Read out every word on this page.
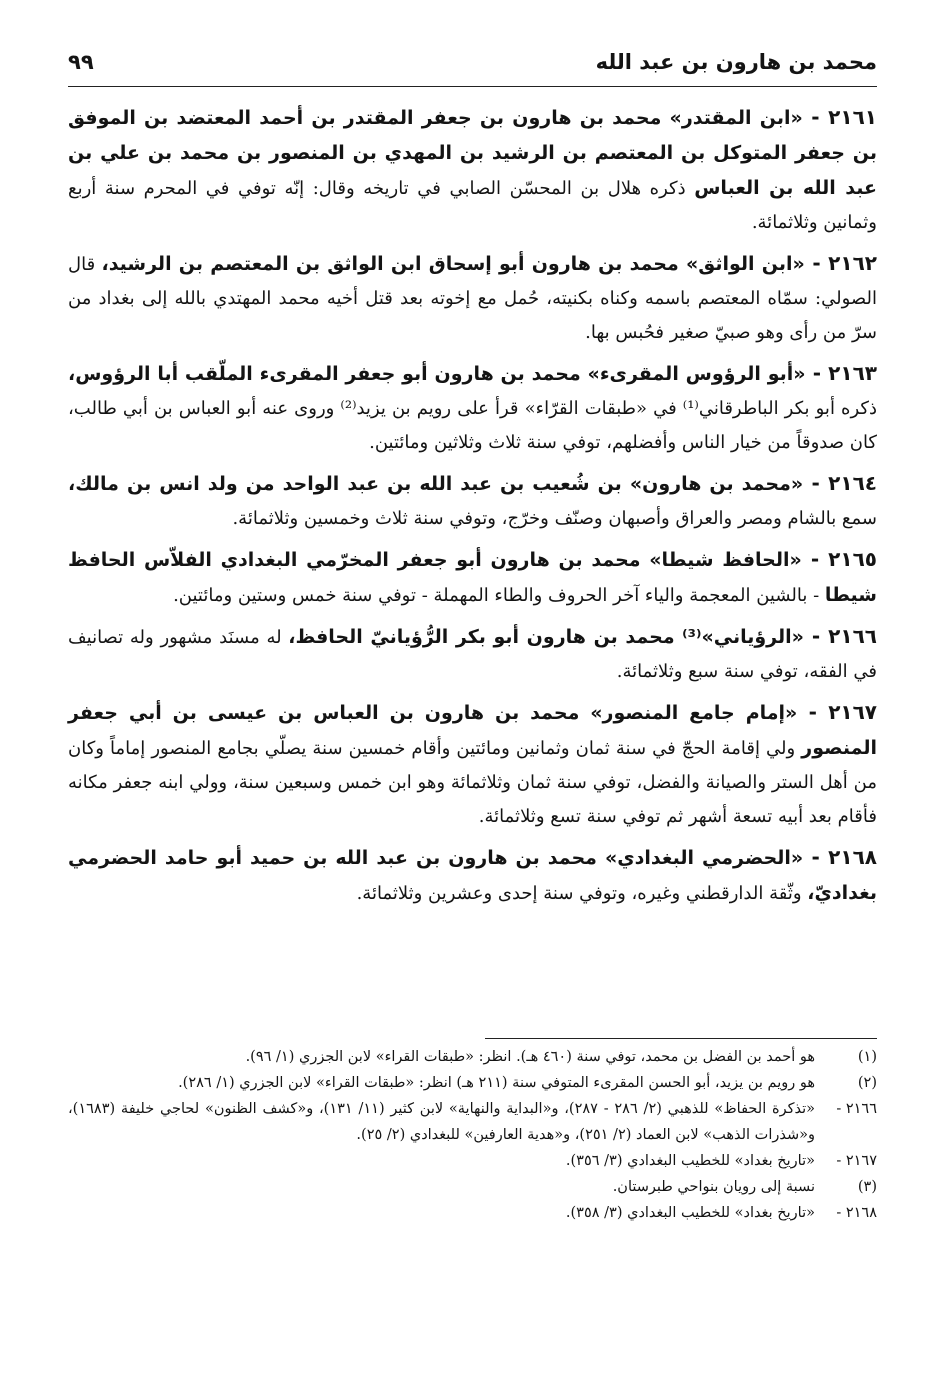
محمد بن هارون بن عبد الله
٩٩

٢١٦١ - «ابن المقتدر» محمد بن هارون بن جعفر المقتدر بن أحمد المعتضد بن الموفق بن جعفر المتوكل بن المعتصم بن الرشيد بن المهدي بن المنصور بن محمد بن علي بن عبد الله بن العباس ذكره هلال بن المحسّن الصابي في تاريخه وقال: إنّه توفي في المحرم سنة أربع وثمانين وثلاثمائة.

٢١٦٢ - «ابن الواثق» محمد بن هارون أبو إسحاق ابن الواثق بن المعتصم بن الرشيد، قال الصولي: سمّاه المعتصم باسمه وكناه بكنيته، حُمل مع إخوته بعد قتل أخيه محمد المهتدي بالله إلى بغداد من سرّ من رأى وهو صبيّ صغير فحُبس بها.

٢١٦٣ - «أبو الرؤوس المقرىء» محمد بن هارون أبو جعفر المقرىء الملّقب أبا الرؤوس، ذكره أبو بكر الباطرقاني⁽¹⁾ في «طبقات القرّاء» قرأ على رويم بن يزيد⁽²⁾ وروى عنه أبو العباس بن أبي طالب، كان صدوقاً من خيار الناس وأفضلهم، توفي سنة ثلاث وثلاثين ومائتين.

٢١٦٤ - «محمد بن هارون» بن شُعيب بن عبد الله بن عبد الواحد من ولد انس بن مالك، سمع بالشام ومصر والعراق وأصبهان وصنّف وخرّج، وتوفي سنة ثلاث وخمسين وثلاثمائة.

٢١٦٥ - «الحافظ شيطا» محمد بن هارون أبو جعفر المخرّمي البغدادي الفلاّس الحافظ شيطا - بالشين المعجمة والياء آخر الحروف والطاء المهملة - توفي سنة خمس وستين ومائتين.

٢١٦٦ - «الرؤياني»⁽³⁾ محمد بن هارون أبو بكر الرُّؤيانيّ الحافظ، له مسنَد مشهور وله تصانيف في الفقه، توفي سنة سبع وثلاثمائة.

٢١٦٧ - «إمام جامع المنصور» محمد بن هارون بن العباس بن عيسى بن أبي جعفر المنصور ولي إقامة الحجّ في سنة ثمان وثمانين ومائتين وأقام خمسين سنة يصلّي بجامع المنصور إماماً وكان من أهل الستر والصيانة والفضل، توفي سنة ثمان وثلاثمائة وهو ابن خمس وسبعين سنة، وولي ابنه جعفر مكانه فأقام بعد أبيه تسعة أشهر ثم توفي سنة تسع وثلاثمائة.

٢١٦٨ - «الحضرمي البغدادي» محمد بن هارون بن عبد الله بن حميد أبو حامد الحضرمي بغداديّ، وثّقة الدارقطني وغيره، وتوفي سنة إحدى وعشرين وثلاثمائة.

(١)
هو أحمد بن الفضل بن محمد، توفي سنة (٤٦٠ هـ). انظر: «طبقات القراء» لابن الجزري (١/ ٩٦).
(٢)
هو رويم بن يزيد، أبو الحسن المقرىء المتوفي سنة (٢١١ هـ) انظر: «طبقات القراء» لابن الجزري (١/ ٢٨٦).
٢١٦٦ -
«تذكرة الحفاظ» للذهبي (٢/ ٢٨٦ - ٢٨٧)، و«البداية والنهاية» لابن كثير (١١/ ١٣١)، و«كشف الظنون» لحاجي خليفة (١٦٨٣)، و«شذرات الذهب» لابن العماد (٢/ ٢٥١)، و«هدية العارفين» للبغدادي (٢/ ٢٥).
٢١٦٧ -
«تاريخ بغداد» للخطيب البغدادي (٣/ ٣٥٦).
(٣)
نسبة إلى رويان بنواحي طبرستان.
٢١٦٨ -
«تاريخ بغداد» للخطيب البغدادي (٣/ ٣٥٨).
